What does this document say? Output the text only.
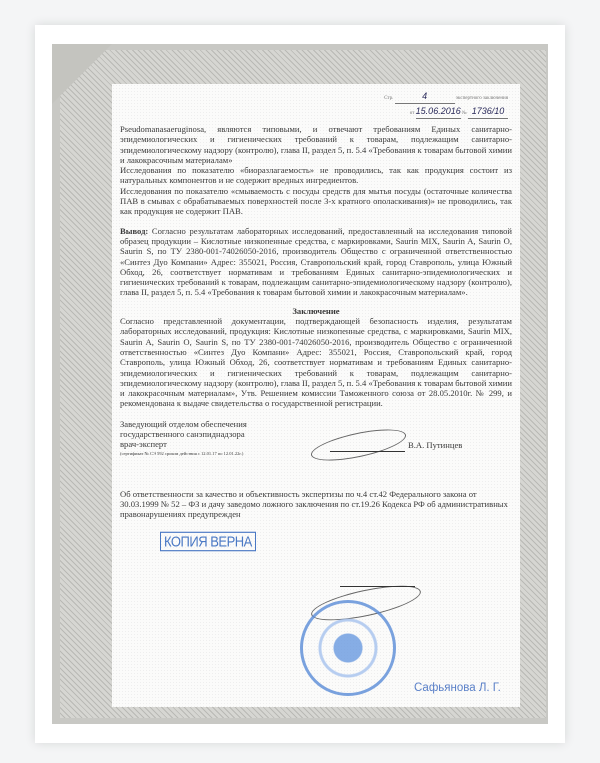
Стр.	4	экспертного заключения
от 15.06.2016 № 1736/10

Pseudomanasaeruginosa, являются типовыми, и отвечают требованиям Единых санитарно-эпидемиологических и гигиенических требований к товарам, подлежащим санитарно-эпидемиологическому надзору (контролю), глава II, раздел 5, п. 5.4 «Требования к товарам бытовой химии и лакокрасочным материалам»

Исследования по показателю «биоразлагаемость» не проводились, так как продукция состоит из натуральных компонентов и не содержит вредных ингредиентов.

Исследования по показателю «смываемость с посуды средств для мытья посуды (остаточные количества ПАВ в смывах с обрабатываемых поверхностей после 3-х кратного ополаскивания)» не проводились, так как продукция не содержит ПАВ.

Вывод: Согласно результатам лабораторных исследований, предоставленный на исследования типовой образец продукции – Кислотные низкопенные средства, с маркировками, Saurin MIX, Saurin A, Saurin O, Saurin S, по ТУ 2380-001-74026050-2016, производитель Общество с ограниченной ответственностью «Синтез Дуо Компани» Адрес: 355021, Россия, Ставропольский край, город Ставрополь, улица Южный Обход, 26, соответствует нормативам и требованиям Единых санитарно-эпидемиологических и гигиенических требований к товарам, подлежащим санитарно-эпидемиологическому надзору (контролю), глава II, раздел 5, п. 5.4 «Требования к товарам бытовой химии и лакокрасочным материалам».

Заключение

Согласно представленной документации, подтверждающей безопасность изделия, результатам лабораторных исследований, продукция: Кислотные низкопенные средства, с маркировками, Saurin MIX, Saurin A, Saurin O, Saurin S, по ТУ 2380-001-74026050-2016, производитель Общество с ограниченной ответственностью «Синтез Дуо Компани» Адрес: 355021, Россия, Ставропольский край, город Ставрополь, улица Южный Обход, 26, соответствует нормативам и требованиям Единых санитарно-эпидемиологических и гигиенических требований к товарам, подлежащим санитарно-эпидемиологическому надзору (контролю), глава II, раздел 5, п. 5.4 «Требования к товарам бытовой химии и лакокрасочным материалам», Утв. Решением комиссии Таможенного союза от 28.05.2010г. № 299, и рекомендована к выдаче свидетельства о государственной регистрации.

Заведующий отделом обеспечения
государственного санэпиднадзора
врач-эксперт
(сертификат № СЭ 592 сроком действия с 12.01.17 по 12.01.22г.)
В.А. Путинцев

Об ответственности за качество и объективность экспертизы по ч.4 ст.42 Федерального закона от 30.03.1999 № 52 – ФЗ и дачу заведомо ложного заключения по ст.19.26 Кодекса РФ об административных правонарушениях предупрежден

КОПИЯ ВЕРНА
Сафьянова Л. Г.
